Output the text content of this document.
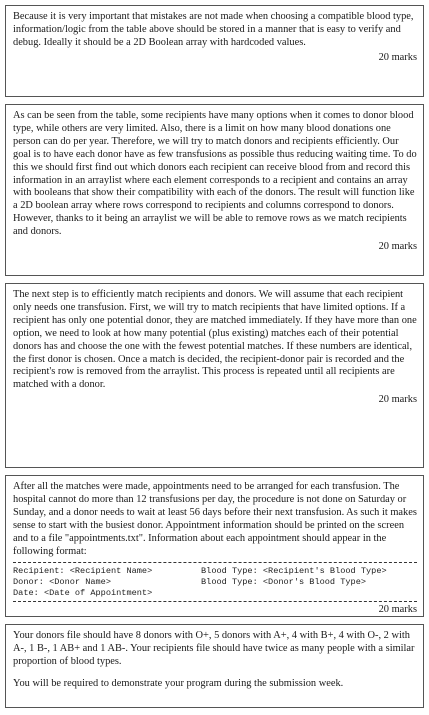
Because it is very important that mistakes are not made when choosing a compatible blood type, information/logic from the table above should be stored in a manner that is easy to verify and debug. Ideally it should be a 2D Boolean array with hardcoded values.

20 marks

As can be seen from the table, some recipients have many options when it comes to donor blood type, while others are very limited. Also, there is a limit on how many blood donations one person can do per year. Therefore, we will try to match donors and recipients efficiently. Our goal is to have each donor have as few transfusions as possible thus reducing waiting time. To do this we should first find out which donors each recipient can receive blood from and record this information in an arraylist where each element corresponds to a recipient and contains an array with booleans that show their compatibility with each of the donors. The result will function like a 2D boolean array where rows correspond to recipients and columns correspond to donors. However, thanks to it being an arraylist we will be able to remove rows as we match recipients and donors.

20 marks

The next step is to efficiently match recipients and donors. We will assume that each recipient only needs one transfusion. First, we will try to match recipients that have limited options. If a recipient has only one potential donor, they are matched immediately. If they have more than one option, we need to look at how many potential (plus existing) matches each of their potential donors has and choose the one with the fewest potential matches. If these numbers are identical, the first donor is chosen. Once a match is decided, the recipient-donor pair is recorded and the recipient's row is removed from the arraylist. This process is repeated until all recipients are matched with a donor.

20 marks

After all the matches were made, appointments need to be arranged for each transfusion. The hospital cannot do more than 12 transfusions per day, the procedure is not done on Saturday or Sunday, and a donor needs to wait at least 56 days before their next transfusion. As such it makes sense to start with the busiest donor. Appointment information should be printed on the screen and to a file "appointments.txt". Information about each appointment should appear in the following format:

Recipient: <Recipient Name>	Blood Type: <Recipient's Blood Type>
Donor: <Donor Name>	Blood Type: <Donor's Blood Type>
Date: <Date of Appointment>
20 marks

Your donors file should have 8 donors with O+, 5 donors with A+, 4 with B+, 4 with O-, 2 with A-, 1 B-, 1 AB+ and 1 AB-. Your recipients file should have twice as many people with a similar proportion of blood types.

You will be required to demonstrate your program during the submission week.
